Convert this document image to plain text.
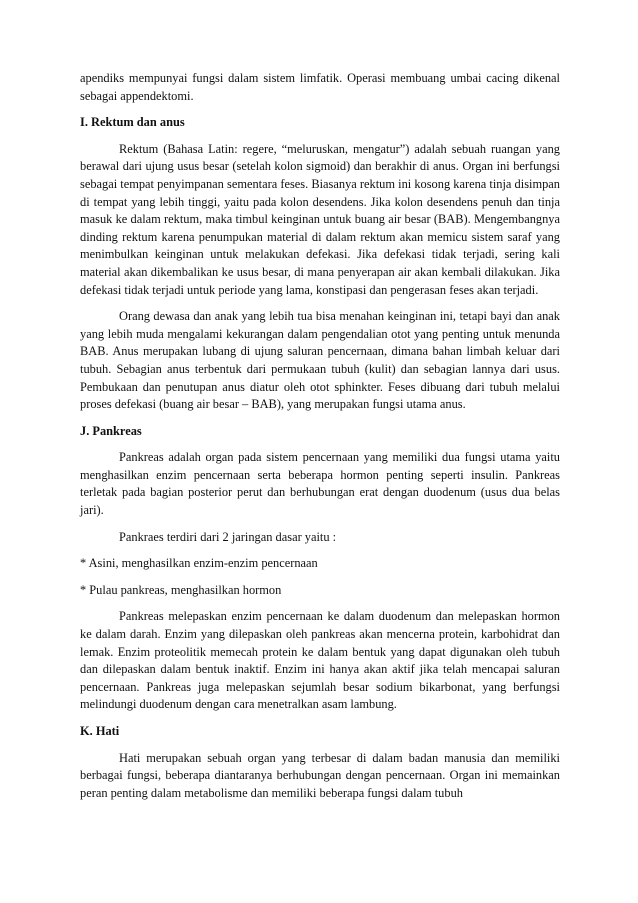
apendiks mempunyai fungsi dalam sistem limfatik. Operasi membuang umbai cacing dikenal sebagai appendektomi.

I. Rektum dan anus

Rektum (Bahasa Latin: regere, “meluruskan, mengatur”) adalah sebuah ruangan yang berawal dari ujung usus besar (setelah kolon sigmoid) dan berakhir di anus. Organ ini berfungsi sebagai tempat penyimpanan sementara feses. Biasanya rektum ini kosong karena tinja disimpan di tempat yang lebih tinggi, yaitu pada kolon desendens. Jika kolon desendens penuh dan tinja masuk ke dalam rektum, maka timbul keinginan untuk buang air besar (BAB). Mengembangnya dinding rektum karena penumpukan material di dalam rektum akan memicu sistem saraf yang menimbulkan keinginan untuk melakukan defekasi. Jika defekasi tidak terjadi, sering kali material akan dikembalikan ke usus besar, di mana penyerapan air akan kembali dilakukan. Jika defekasi tidak terjadi untuk periode yang lama, konstipasi dan pengerasan feses akan terjadi.

Orang dewasa dan anak yang lebih tua bisa menahan keinginan ini, tetapi bayi dan anak yang lebih muda mengalami kekurangan dalam pengendalian otot yang penting untuk menunda BAB. Anus merupakan lubang di ujung saluran pencernaan, dimana bahan limbah keluar dari tubuh. Sebagian anus terbentuk dari permukaan tubuh (kulit) dan sebagian lannya dari usus. Pembukaan dan penutupan anus diatur oleh otot sphinkter. Feses dibuang dari tubuh melalui proses defekasi (buang air besar – BAB), yang merupakan fungsi utama anus.

J. Pankreas

Pankreas adalah organ pada sistem pencernaan yang memiliki dua fungsi utama yaitu menghasilkan enzim pencernaan serta beberapa hormon penting seperti insulin. Pankreas terletak pada bagian posterior perut dan berhubungan erat dengan duodenum (usus dua belas jari).

Pankraes terdiri dari 2 jaringan dasar yaitu :

* Asini, menghasilkan enzim-enzim pencernaan

* Pulau pankreas, menghasilkan hormon

Pankreas melepaskan enzim pencernaan ke dalam duodenum dan melepaskan hormon ke dalam darah. Enzim yang dilepaskan oleh pankreas akan mencerna protein, karbohidrat dan lemak. Enzim proteolitik memecah protein ke dalam bentuk yang dapat digunakan oleh tubuh dan dilepaskan dalam bentuk inaktif. Enzim ini hanya akan aktif jika telah mencapai saluran pencernaan. Pankreas juga melepaskan sejumlah besar sodium bikarbonat, yang berfungsi melindungi duodenum dengan cara menetralkan asam lambung.

K. Hati

Hati merupakan sebuah organ yang terbesar di dalam badan manusia dan memiliki berbagai fungsi, beberapa diantaranya berhubungan dengan pencernaan. Organ ini memainkan peran penting dalam metabolisme dan memiliki beberapa fungsi dalam tubuh
